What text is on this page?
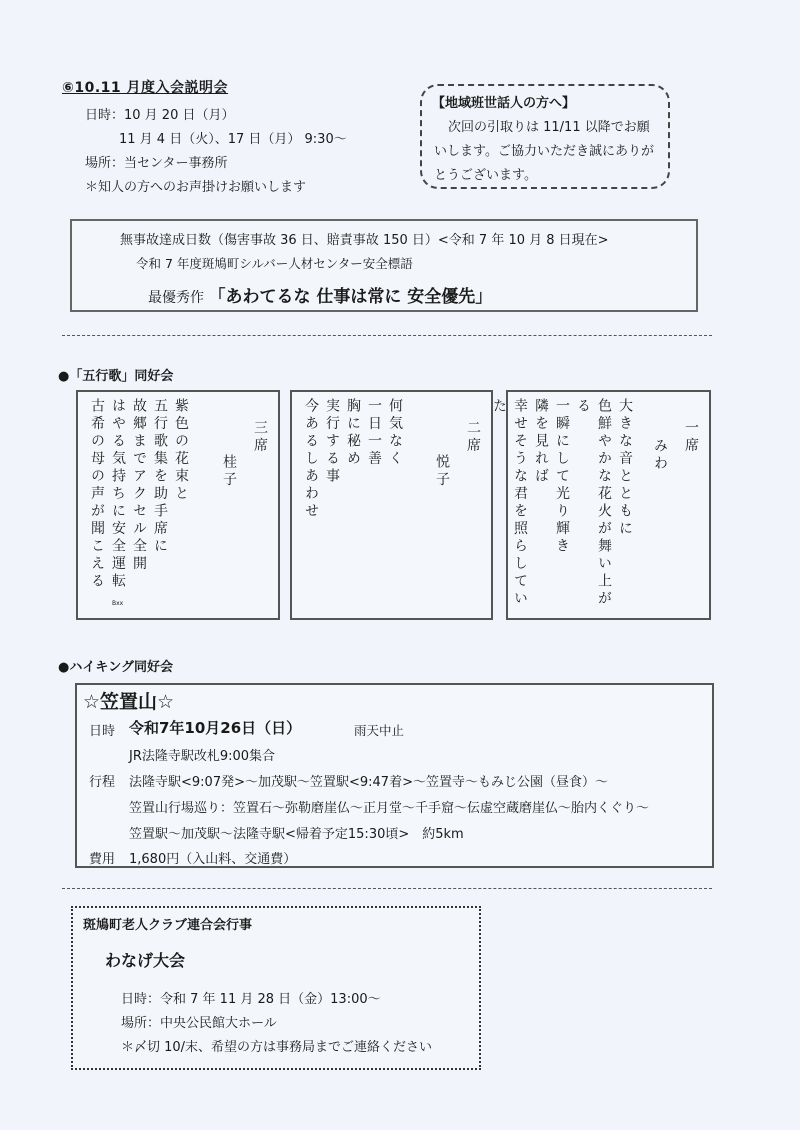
⑥10.11 月度入会説明会
日時：10 月 20 日（月）
11 月 4 日（火）、17 日（月） 9:30～
場所：当センター事務所
＊知人の方へのお声掛けお願いします
【地域班世話人の方へ】
次回の引取りは 11/11 以降でお願いします。ご協力いただき誠にありがとうございます。
無事故達成日数（傷害事故 36 日、賠責事故 150 日）<令和 7 年 10 月 8 日現在>
令和 7 年度斑鳩町シルバー人材センター安全標語
最優秀作 「あわてるな 仕事は常に 安全優先」
●「五行歌」同好会
三席
桂子
紫色の花束と
五行歌集を助手席に
故郷までアクセル全開
はやる気持ちに安全運転
古希の母の声が聞こえる
Bxx
二席
悦子
何気なく
一日一善
胸に秘め
実行する事
今あるしあわせ	一席
みわ
大きな音とともに
色鮮やかな花火が舞い上がる
一瞬にして光り輝き
隣を見れば
幸せそうな君を照らしていた
●ハイキング同好会
☆笠置山☆
日時 令和7年10月26日（日）	雨天中止
JR法隆寺駅改札9:00集合
行程 法隆寺駅<9:07発>～加茂駅～笠置駅<9:47着>～笠置寺～もみじ公園（昼食）～
笠置山行場巡り：笠置石～弥勒磨崖仏～正月堂～千手窟～伝虚空蔵磨崖仏～胎内くぐり～
笠置駅～加茂駅～法隆寺駅<帰着予定15:30頃>　約5km
費用 1,680円（入山料、交通費）
斑鳩町老人クラブ連合会行事
わなげ大会
日時：令和 7 年 11 月 28 日（金）13:00～
場所：中央公民館大ホール
＊〆切 10/末、希望の方は事務局までご連絡ください
